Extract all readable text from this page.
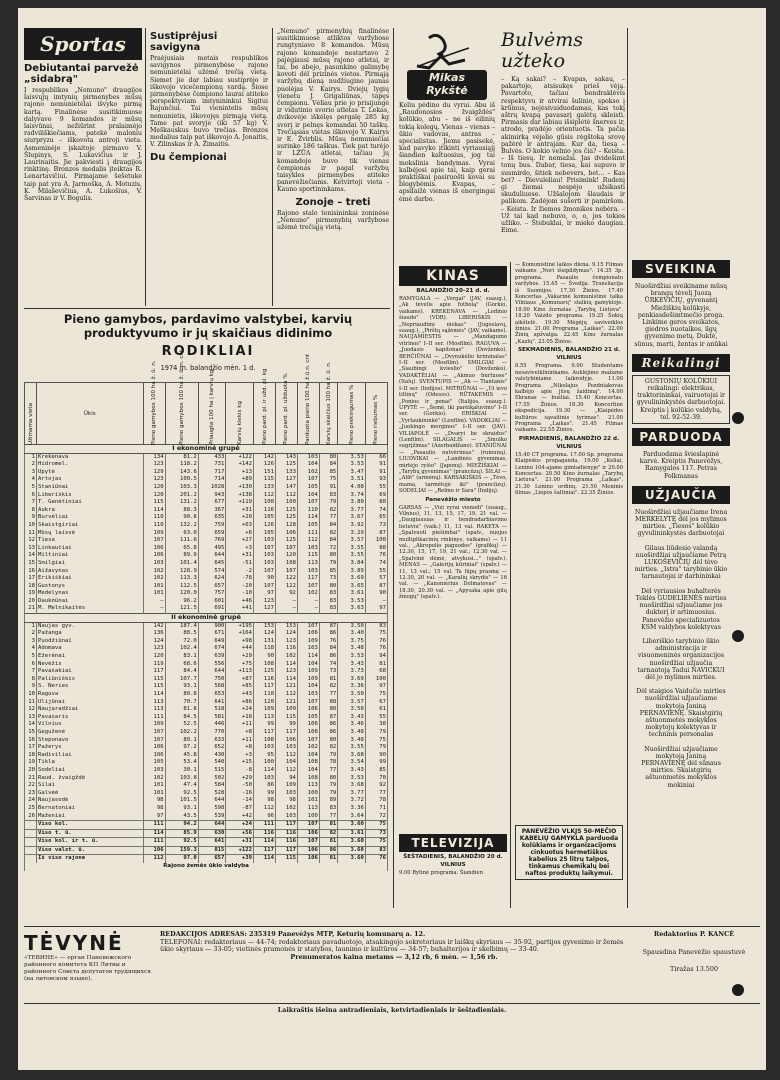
Sportas
Debiutantai parvežė „sidabrą"

Į respublikos „Nemuno" draugijos laisvųjų imtynių pirmenybes mūsų rajono nemunietėlai išvyko pirmą kartą. Finalinėse susitikimuose dalyvavo 9 komandos ir mūsų laisvūnai, nežiūrint pralaimėjo radviliškiečiams, patekė maloniu siurpryzu – iškovota antroji vieta. Asmeninėje įskaitoje pirmavo V. Šlupinys, S. Lukavičius ir J. Laurinaitis. Jie pakviesti į draugijos rinktinę. Bronzos medalis įteiktas R. Lenartavičiui. Pirmajame šešetuke taip pat yra A. Jarmoška, A. Motuzis, K. Milaševičius, A. Lukošius, V. Šarvinas ir V. Bogulis.

Sustiprėjusi savigyna

Praėjusiais metais respublikos savigynos pirmenybėse rajono nemunietėlai užėmė trečią vietą. Siemet jie dar labiau sustiprėjo ir iškovojo vicečempionų vardą. Šiose pirmenybėse čempiono laurai atiteko perspektyviam imtynininkui Sigitui Rajunčiui. Tai vienintelis mūsų nemunietis, iškovojęs pirmąją vietą. Tame pat svoryje (iki 57 kg) V. Meškauskus buvo trečias. Bronzos medalius taip pat iškovojo A. Jonaitis, V. Zilinskas ir A. Žimaitis.

Du čempionai

„Nemuno" pirmenybių finalinėse susitikimuose atliktos varžybose rungtyniavo 8 komandos. Mūsų rajono komandoje nestartavo 2 pajėgiausi mūsų rajono atletai, ir tai, be abejo, pasunkino galimybę kovoti dėl prizinės vietos. Pirmąją varžybų dieną nudžiugino jaunas puolėjas V. Kairys. Dviejų lygių vienetu J. Grigaliūnas, tapęs čempionu. Vėliau prie jo prisijungė ir vidutinio svorio atletas T. Lekas, dvikovėje iškėlęs pergalę 285 kg svorį ir pelnęs komandai 50 taškų. Trečiąsias vietas iškovojo V. Kairys ir E. Žvirblis. Mūsų nemuniečiai surinko 186 taškus. Tiek pat turėjo ir LŽŪA atletai, tačiau jų komandoje buvo tik vienas čempionas ir pagal varžybų taisykles pirmenybes atiteko panevėžiečiams. Ketvirtoji vieta - Kauno sportininkams.

Zonoje – treti

Rajono stalo tenisininkai zoninėse „Nemuno" pirmenybių varžybose užėmė trečiąją vietą.

Mikas
Rykštė

Keliu pėdino du vyrai. Abu iš „Raudonosios žvaigždės" kolūkio, abu – ne iš eilinių tokią kolegų. Vienas – vienas – ūkio vadovas, antras – specialistas. Jiems pasisekė, kad pavyko įtikinti vyriausiąjį šiandien kaltuosius, jog tai mokslinis bandymas. Vyrai kalbėjosi apie tai, kaip gerai praktiškai pasiruošti kovai su blogybėmis. Kvapas, – apsilaižė vienas iš energingai ėmė darbo.

Bulvėms užteko

– Ką sakai? – Kvapas, sakau, – pakartojo, atsisukęs prieš vėją. Pavartoto, tačiau bendraklėvis respektyvu ir atvirai šulinio, spokso į krūmus, nejėsivaiduodamas, kas tokį aštrų kvapą pavasarį galėtų skleisti. Pirmasis dar labiau išsiplėtė šnerves ir, atrodo, pradėjo orientuotis. Ta pačia akimirką vėjelio gūsis rėgštoką srovę pažėrė ir antrajam. Kur da, tiesą – Bulvės. O kokio velnio jos čia? – Keista. – Iš tiesų. Ir nemažai. Jas dvidešimt tonų bus. Dabar, tiesa, kai supuvo ir susmirdo, šitiek nebevers, bet... – Kas bet? – Dievuleliau! Prisimink! Rudenį gi žiemai nespėjo užsikasti skuduliuose. Užšalojom šlaudais ir palikom. Zadėjom sušerti ir pamiršom. – Keista. Ir žiemos žmonikos nebėra. – Už tai kad nebuvo, o, o, jos tokios užliko. – Štebuklai, ir mieko daugiau. Eime.

Pieno gamybos, pardavimo valstybei, karvių produktyvumo ir jų skaičiaus didinimo
RODIKLIAI
1974 m. balandžio mėn. 1 d.
Užimama vieta	Ūkis	Pieno gamybos 100 ha ž. ū. n.	Pieno gamybos 100 ha ž. ū. n. cnt	Priaugta 100 ha į karvių kg	Karvių kiekis kg	Pieno pard. pl. ir užd. pl. kg	Pieno pard. pl. užduota %	Parduota pieno 100 ha ž.ū.n. cnt	Karvių skaičius 100 ha ž. ū. n.	Pieno prekingumas %	Pieno riebumas %
I ekonominė grupė											
1	Krekenava	134	81.2	433	+122	142	143	103	80	3.53	66
2	Hidromel.	123	118.2	731	+142	126	125	104	84	3.53	91
3	Upytė	129	143.6	717	+13	151	133	102	85	3.47	91
4	Artojas	123	100.5	714	+89	115	127	107	75	3.51	93
5	Staniūnai	120	103.3	1028	+130	133	147	105	91	4.08	55
6	Liberiškis	120	201.2	943	+138	112	112	104	83	3.74	69
7	T. Genėtiniai	115	131.2	677	+119	100	100	107	79	3.80	80
8	Aukra	114	88.3	367	+31	116	125	110	82	3.77	74
9	Burvėliai	110	90.8	635	+20	105	125	114	77	3.67	65
10	Skaistgiriai	110	132.2	759	+63	126	128	105	84	3.92	73
11	Mūsų laisvė	109	63.0	659	+6	105	106	111	82	3.29	87
12	Tiesa	107	111.6	769	+27	103	125	112	84	3.57	100
13	Linkaučiai	106	65.8	495	+3	107	107	103	72	3.55	88
14	Miltiniai	106	89.9	644	+31	103	120	115	80	3.55	76
15	Smilgiai	103	101.4	645	-51	103	108	113	79	3.84	74
16	Aižavynas	102	128.9	574	-2	107	107	103	85	3.89	55
17	Erikiškiai	102	113.3	624	-78	90	122	117	73	3.69	57
18	Gustonys	101	112.5	657	-20	107	122	107	80	3.65	87
19	Medelynas	101	120.0	757	-10	97	92	102	83	3.61	90
20	Dauknūnai	—	96.2	601	+46	123	—	—	83	3.53	—
21	M. Melnikaitės	—	121.5	691	+41	127	—	—	83	3.63	97
II ekonominė grupė											
1	Naujas gyv.	142	187.4	900	+195	153	153	107	87	3.50	83
2	Pažanga	136	88.5	671	+164	124	124	106	86	3.40	75
3	Puodžiūnai	124	72.0	649	+98	131	123	109	76	3.75	76
4	Adomava	123	102.4	674	+44	118	116	103	84	3.48	76
5	Ežerėnai	120	83.1	639	+29	90	102	114	86	3.53	94
6	Nevėžis	119	68.6	556	+75	108	114	104	74	3.43	81
7	Pavašakiai	117	84.4	644	+113	125	123	109	73	3.73	68
8	Paliūniškis	115	107.7	750	+87	116	114	109	81	3.69	100
9	S. Neries	115	93.1	568	+85	117	121	104	82	3.36	97
10	Raguva	114	80.8	653	+43	110	112	103	77	3.50	75
11	Ulijūnai	113	70.7	641	+86	120	121	107	88	3.57	67
12	Naujaradžiai	113	81.8	518	+24	109	109	106	80	3.58	61
13	Pavasaris	111	84.5	581	+18	113	115	105	87	3.43	55
14	Vilnius	109	52.5	446	+11	99	99	106	86	3.46	38
15	Geguženė	107	102.2	770	+8	117	117	108	86	3.48	79
16	Steponavo	107	80.1	633	+11	108	106	107	80	3.48	75
17	Pažerys	106	97.2	652	+8	103	103	102	82	3.55	79
18	Radiviliai	106	45.8	430	+3	95	112	104	79	3.68	90
19	Tikla	105	53.4	540	+15	100	104	108	78	3.54	99
20	Sodeliai	103	30.1	515	-8	114	112	104	77	3.43	85
21	Raud. žvaigždė	102	103.8	502	+29	103	94	108	80	3.53	70
22	Šilai	101	47.4	584	-50	86	109	113	79	3.68	92
23	Galvėė	101	92.5	528	-16	99	103	100	79	3.77	77
24	Naujasodė	98	101.5	644	-14	98	98	101	89	3.72	78
25	Bernatoniai	98	93.1	598	-87	112	102	113	83	3.36	71
26	Maženiai	97	43.5	539	+42	96	103	100	77	3.64	72
	Viso kol.	111	94.2	644	+24	111	117	107	81	3.60	75
	Viso t. ū.	114	85.9	630	+56	116	116	106	82	3.61	73
	Viso kol. ir t. ū.	111	92.5	641	+31	114	116	107	81	3.60	75
	Viso valst. ū.	106	159.3	815	+122	117	117	106	86	3.68	83
	Iš viso rajone	112	97.0	657	+39	114	115	106	81	3.60	76
Rajono žemės ūkio valdyba											
KINAS
BALANDŽIO 20–21 d. d.

RAMYGALA — „Vergai" (JAV, suaug.), „Ak tėvelis apie futbolą" (Gorkio, vaikams). KREKENAVA — „Ledinio šiaudo" (VDR). LIBERIŠKIS — „Nepriaudimi niekas" (Jugoslavų, suaug.), „Pirštų sąžėmės" (JAV, vaikams). NAUJAMIESTIS — „Mandagumo vitrinos" I–II ser. (Mosfilm). RAGUVA — „Juodasis kapitonas" (Dovženko). BERČIŪNAI — „Dvynukėlio kriminalas" I–II ser. (Mosfilm). SMILGIAI — „Siaubingi kvieslio" (Dovženko). VADAKTĖLIAI — „Akmuo burtuose" (Italų). SVENTUPIS — „Ak — Tiantanis" I–II ser. (Indijos). MITRIŪNAI — „Ui ievo tiltinų" (Odesos). RŪTAKEMIS — „Ponios ir ponai" (Italijos, suaug.). UPYTĖ — „Šemė, iki parėikaluvimo" I–II ser. (Gorkio). ERIŠKIAI — „Vyrlaukininkė" (Lenfilm). VADOKLIAI — „Juokingo merginos" I–II ser. (JAV). VILIAPOLĖ — „Dvaryi be skraidos" (Lenfilm). SILAGALIS — „Smulko sugrįžimas" (Azerbaidžano). STANIŪNAI — „Pasaulio nutvėrimas" (rumunų). LIUDVIKAI — „Landinės gyvenimas, mirtėjo ryšio" (Japonų). MIEŽIŠKIAI — „Tarybų gyvenimas" (prancūzų). ŠILAI — „Alfė" (armėnų). KARSAKIŠKIS — „Tėvo, mama, tarmėtojė iki" (prancūzų). SODELIAI — „Relmo ir Sara" (Indijų).

Panevėžio miesto

GARSAS — „Vizi vyrai vienodi" (suaug., Vilnius), 11, 13, 15, 17, 19, 21 val. — „Daugiausias ir bendradarbiavimo lietuviu" (vaik.) 11, 13 val. RAKETA — „Spalvuoti piešimbai" (spalv., nuojus multiplikacinių rinkinys, vaikams) — 11 val., „Akropolio paguodos" (grafikų) — 12.30, 15, 17, 19, 21 val.; 12.30 val. — „Spalvinė dėmė, atvykusi..." (spalv.). MENAS — „Galerijų kūriniai" (spalv.) — 11, 13 val.; 15 val. Ta lūpų prasmę — 12.30, 20 val. — „Karalių skrydis" — 16 val. — „Kanonierius Dolmatovas" — 18.30, 20.30 val. — „Apysaka apie gilų žmogų" (spalv.).

— Komunistinė laikos diena. 9.15 Filmas vaikams „Nori išsipildymas". 14.35 3p. programa. Pasaulio čempionato varžybos. 15.45 — Švedija. Transliacija iš Suomijos. 17.30 Žinios. 17.40 Koncertas „Vakarinė komunistinė talka Vilniaus „Komunarų" stalkių gamykloje. 18.00 Kino žurnalas „Tarybų Lietuva". 18.20 Vaizdo programa. 19.25 Šokių aikštelė. 19.30 Mėgėjų saviveiklos žinios. 21.00 Programa „Laikas". 22.00 Žinių apžvalga. 22.45 Kino žurnalas „Kazlų". 23.05 Žinios.

SEKMADIENIS, BALANDŽIO 21 d.
VILNIUS

8.55 Programa. 9.00 Studentams nesaviveiklininkams. Auklėjimo mažame valstybiniame laikrodyje. 11.00 Programa „Nikolajus Pozdniakovas kalbėjo apie jūsų žaidimą". 14.00 Ekranas — bušliai. 15.40 Koncertas. 17.55 Žinios. 18.30 Koncertinė ekspedicija. 19.30 — „Klaipėdos kultūros sąvaitinis tyrimas". 21.00 Programa „Laikas". 21.45 Filmas vaikams. 22.55 Žinios.

PIRMADIENIS, BALANDŽIO 22 d.
VILNIUS

15.40 CT programa. 17.00 Sp. programa Klaipėdos propaganda. 19.00 „Keliai, Lenino 104-ajame gimtadienyje" ir 20.00 Koncertas. 20.50 Kino žurnalas „Tarybų Lietuva". 21.00 Programa „Laikas". 21.30 Lenino ordinų. 21.50 Meninis filmas „Liepos šaltiniai". 22.35 Žinios.

TELEVIZIJA
ŠEŠTADIENIS, BALANDŽIO 20 d.
VILNIUS

9.00 Rytinė programa. Šiandien

PANEVĖŽIO VLKJS 50-MEČIO KABELIŲ GAMYKLA parduoda kolūkiams ir organizacijoms cinkuotus hermetiškus kabelius 25 litrų talpos, tinkamus chemikalų bei naftos produktų laikymui.
SVEIKINA
Nuoširdžiai sveikiname mūsų brangų tėvelį Juozą ŪRKEVIČIŲ, gyvenantį Miežiškių kolūkyje, penkiasdešimtmečio proga. Linkime geros sveikatos, giedros nuotaikos, ilgų gyvenimo metų. Duktė, sūnus, marti, žentas ir anūkai
Reikalingi
GUSTONIŲ KOLŪKIUI reikalingi: elektrikas, traktorininkai, vairuotojai ir gyvulininkystės darbuotojai. Kreiptis į kolūkio valdybą, tel. 92-52-39.
PARDUODA
Parduodama švieslapinė karvė. Kreiptis Panevėžys, Ramygalos 117. Petras Folkmanas
UŽJAUČIA
Nuoširdžiai užjaučiame Irena MERKELYTĘ dėl jos mylimos mirties. „Tiesos" kolūkio gyvulininkystės darbuotojai
Gilaus liūdesio valandą nuoširdžiai užjaučiame Petrą LUKOŠEVIČIŲ dėl tėvo mirties. „Istra" tarybinio ūkio tarnautojai ir darbininkai
Dėl vyriausios buhalterės Teklės GUDELIENĖS mirties nuoširdžiai užjaučiame jos dukterį ir artimuosius. Panevėžio specializuotos KSM valdybos kolektyvas
Liberiškio tarybinio ūkio administracija ir visuomeninės organizacijos nuoširdžiai užjaučia tarnautoją Tadui NAVICKUI dėl jo mylimos mirties.
Dėl staigios Vaidučio mirties nuoširdžiai užjaučiame mokytoją Janiną PERNAVIENĘ. Skaistgirių aštuonmetės mokyklos mokytojų kolektyvas ir techninis personalas
Nuoširdžiai užjaučiame mokytoją Janiną PERNAVIENĘ dėl sūnaus mirties. Skaistgirių aštuonmetės mokyklos mokiniai
TĖVYNĖ

«ТЕВИНЕ» — орган Паневежского районного комитета КП Литвы и районного Совета депутатов трудящихся (на литовском языке).

REDAKCIJOS ADRESAS: 235319 Panevėžys MTP, Keturių komunarų a. 12.

TELEFONAI: redaktoriaus — 44-74; redaktoriaus pavaduotojo, atsakingojo sekretoriaus ir laiškų skyriaus — 35-92, partijos gyvenimo ir žemės ūkio skyriaus — 33-05; vietinės pramonės ir statybos, launimo ir kultūros — 34-57; buhalterijos ir skelbimų — 33-40.

Prenumeratos kaina metams — 3,12 rb, 6 mėn. — 1,56 rb.

Redaktorius P. KANCĖ

Spausdina Panevėžio spaustuvė

Tiražas 13.500

Laikraštis išeina antradieniais, ketvirtadieniais ir šeštadieniais.
